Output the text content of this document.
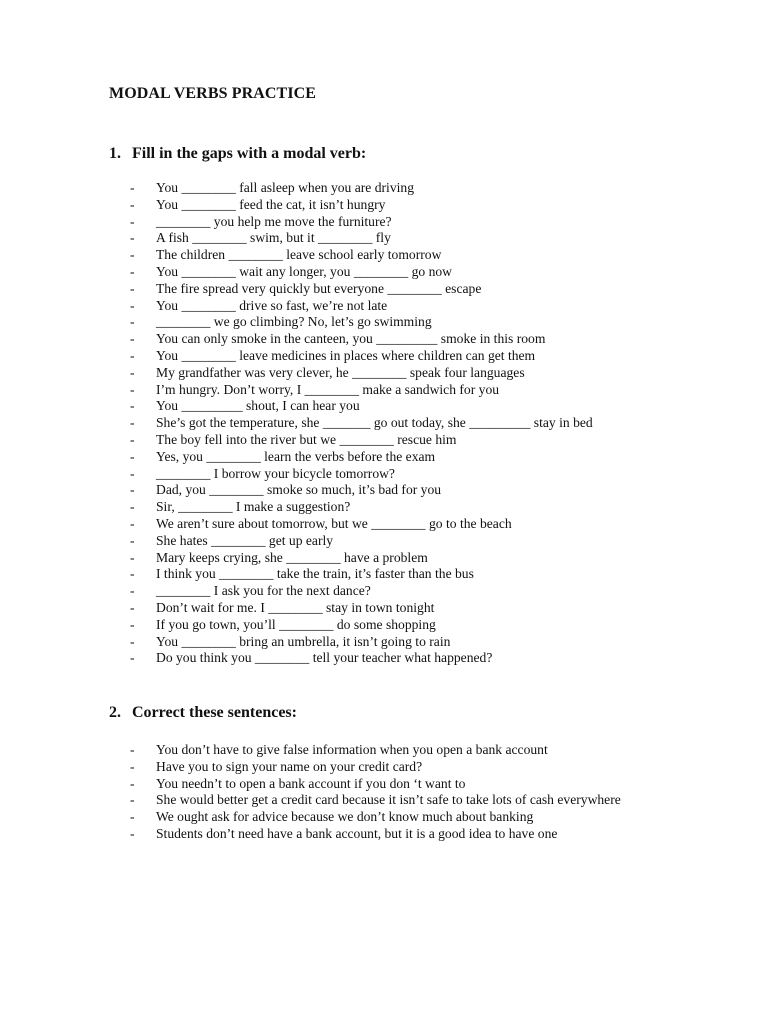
MODAL VERBS PRACTICE
1. Fill in the gaps with a modal verb:
- You ________ fall asleep when you are driving
- You ________ feed the cat, it isn’t hungry
- ________ you help me move the furniture?
- A fish ________ swim, but it ________ fly
- The children ________ leave school early tomorrow
- You ________ wait any longer, you ________ go now
- The fire spread very quickly but everyone ________ escape
- You ________ drive so fast, we’re not late
- ________ we go climbing? No, let’s go swimming
- You can only smoke in the canteen, you _________ smoke in this room
- You ________ leave medicines in places where children can get them
- My grandfather was very clever, he ________ speak four languages
- I’m hungry. Don’t worry, I ________ make a sandwich for you
- You _________ shout, I can hear you
- She’s got the temperature, she _______ go out today, she _________ stay in bed
- The boy fell into the river but we ________ rescue him
- Yes, you ________ learn the verbs before the exam
- ________ I borrow your bicycle tomorrow?
- Dad, you ________ smoke so much, it’s bad for you
- Sir, ________ I make a suggestion?
- We aren’t sure about tomorrow, but we ________ go to the beach
- She hates ________ get up early
- Mary keeps crying, she ________ have a problem
- I think you ________ take the train, it’s faster than the bus
- ________ I ask you for the next dance?
- Don’t wait for me. I ________ stay in town tonight
- If you go town, you’ll ________ do some shopping
- You ________ bring an umbrella, it isn’t going to rain
- Do you think you ________ tell your teacher what happened?
2. Correct these sentences:
- You don’t have to give false information when you open a bank account
- Have you to sign your name on your credit card?
- You needn’t to open a bank account if you don ‘t want to
- She would better get a credit card because it isn’t safe to take lots of cash everywhere
- We ought ask for advice because we don’t know much about banking
- Students don’t need have a bank account, but it is a good idea to have one
